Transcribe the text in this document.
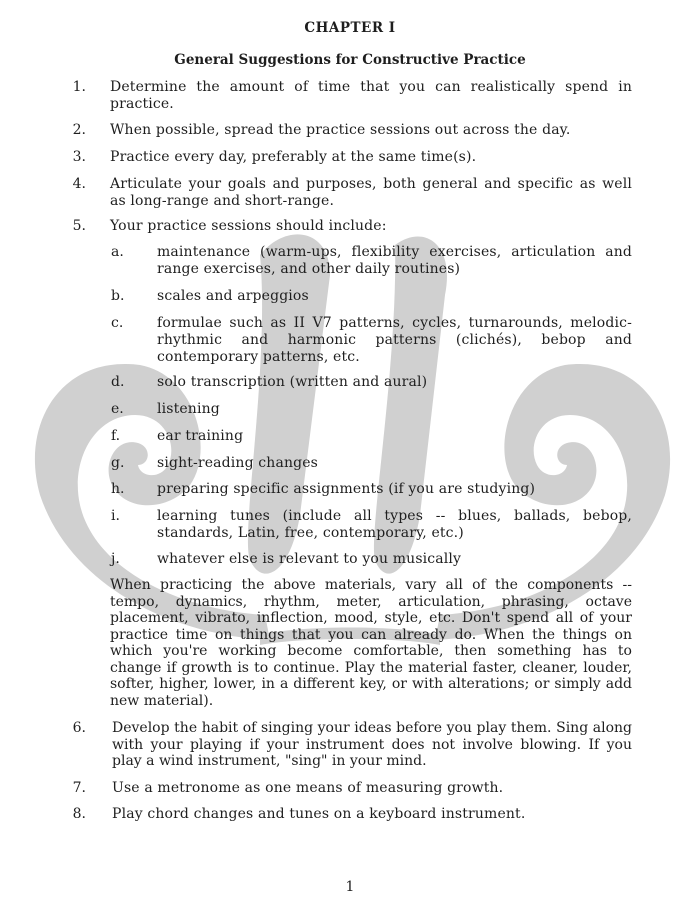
CHAPTER I
General Suggestions for Constructive Practice
1. Determine the amount of time that you can realistically spend in practice.
2. When possible, spread the practice sessions out across the day.
3. Practice every day, preferably at the same time(s).
4. Articulate your goals and purposes, both general and specific as well as long-range and short-range.
5. Your practice sessions should include:
a. maintenance (warm-ups, flexibility exercises, articulation and range exercises, and other daily routines)
b. scales and arpeggios
c. formulae such as II V7 patterns, cycles, turnarounds, melodic-rhythmic and harmonic patterns (clichés), bebop and contemporary patterns, etc.
d. solo transcription (written and aural)
e. listening
f.	ear training
g. sight-reading changes
h. preparing specific assignments (if you are studying)
i.	learning tunes (include all types -- blues, ballads, bebop, standards, Latin, free, contemporary, etc.)
j.	whatever else is relevant to you musically
When practicing the above materials, vary all of the components -- tempo, dynamics, rhythm, meter, articulation, phrasing, octave placement, vibrato, inflection, mood, style, etc. Don't spend all of your practice time on things that you can already do. When the things on which you're working become comfortable, then something has to change if growth is to continue. Play the material faster, cleaner, louder, softer, higher, lower, in a different key, or with alterations; or simply add new material).
6. Develop the habit of singing your ideas before you play them. Sing along with your playing if your instrument does not involve blowing. If you play a wind instrument, "sing" in your mind.
7. Use a metronome as one means of measuring growth.
8. Play chord changes and tunes on a keyboard instrument.
1
